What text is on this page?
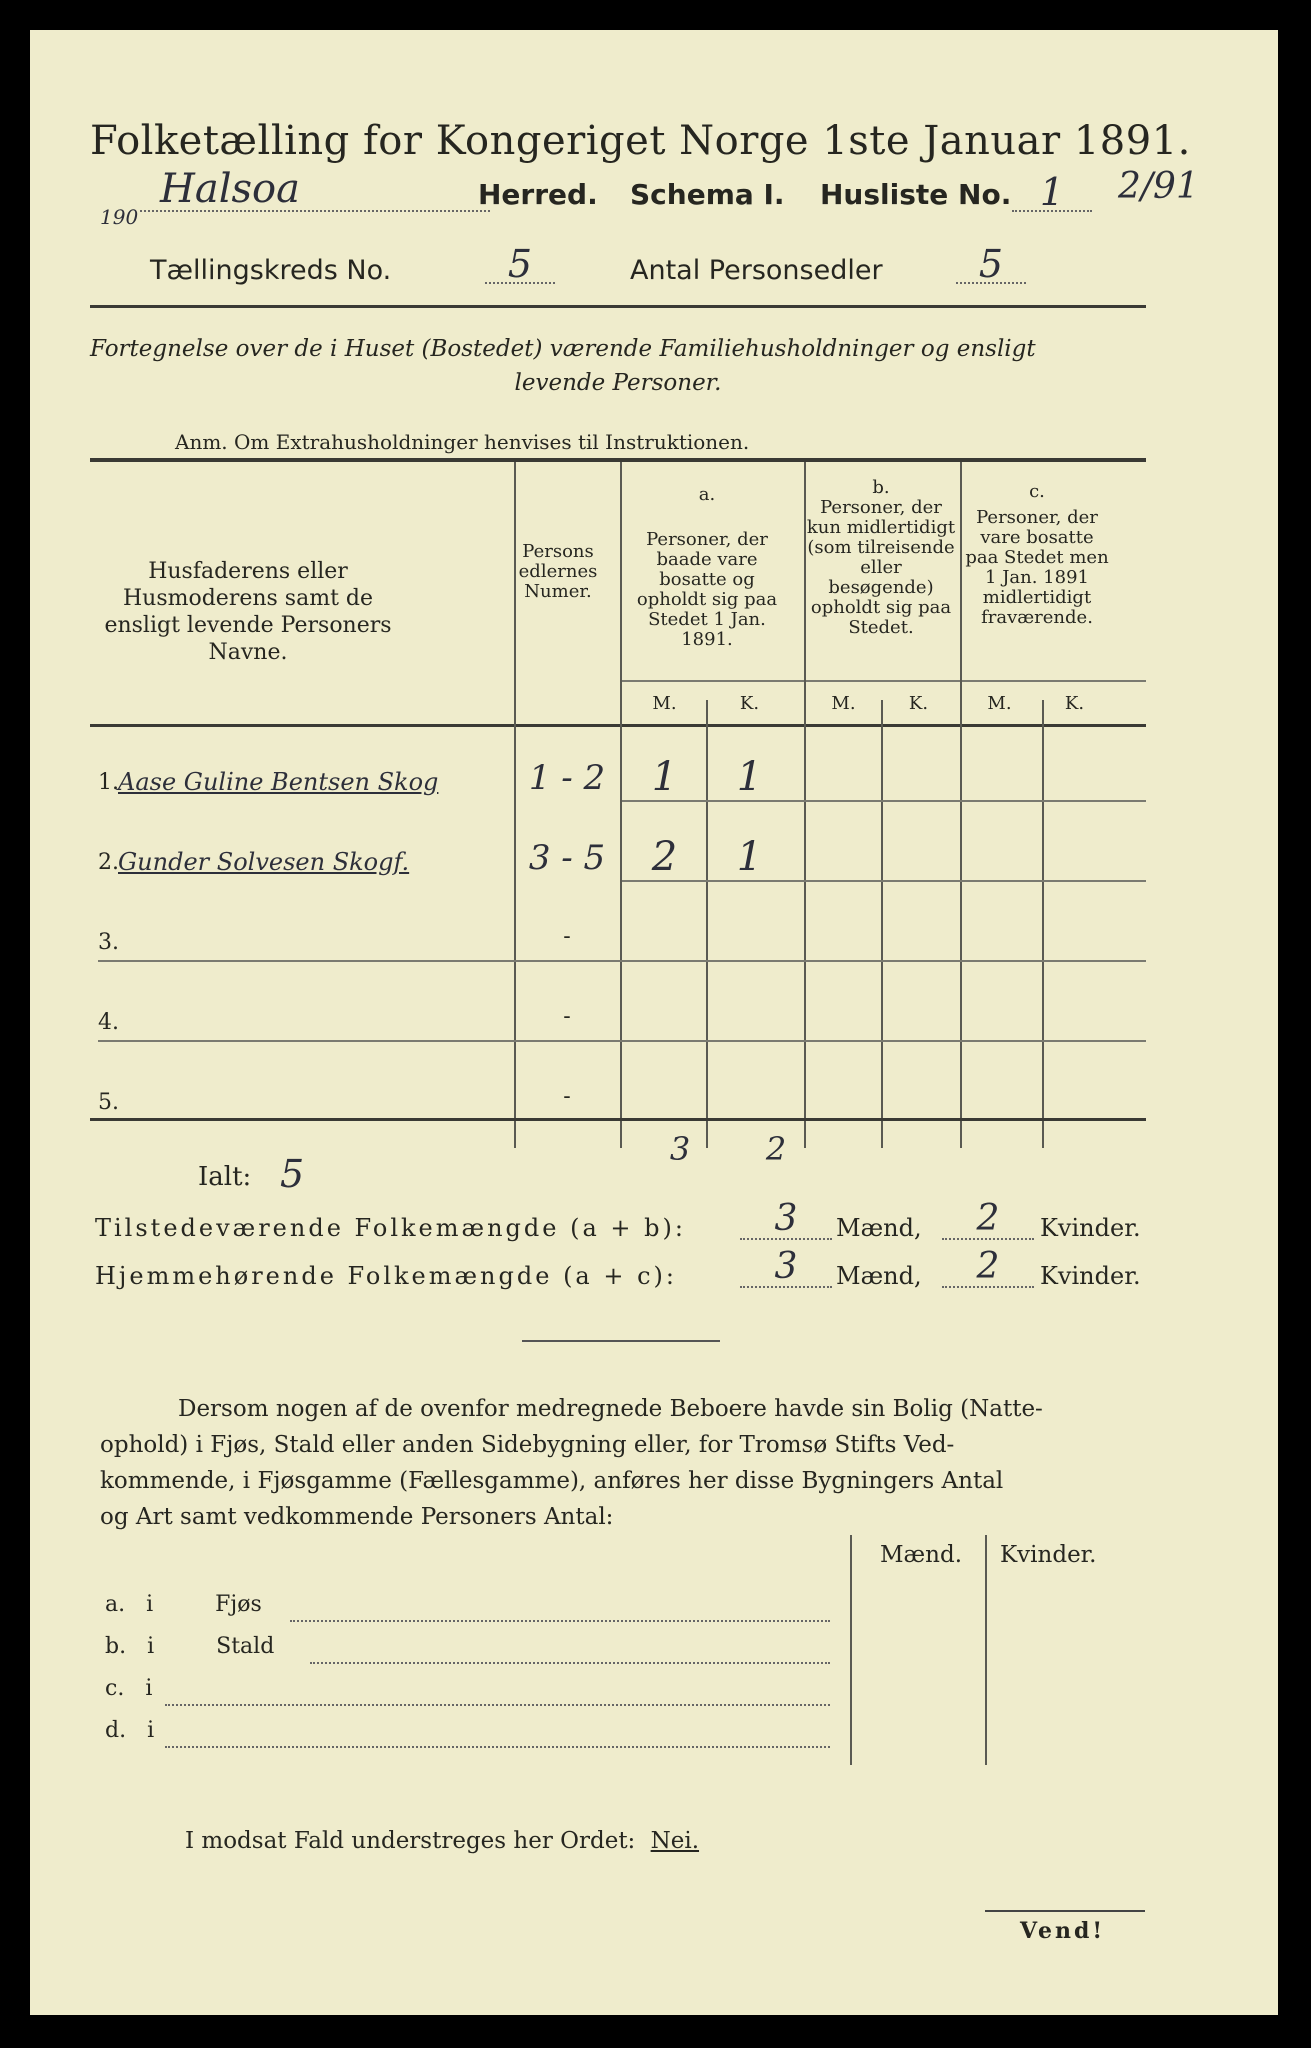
Folketælling for Kongeriget Norge 1ste Januar 1891.
190
Halsoa	Herred. Schema I. Husliste No. 1	2/91
Tællingskreds No.	5	Antal Personsedler	5
Fortegnelse over de i Huset (Bostedet) værende Familiehusholdninger og ensligt
levende Personer.
Anm. Om Extrahusholdninger henvises til Instruktionen.
Husfaderens eller Husmoderens samt de ensligt levende Personers Navne.
Personsedlernes Numer.
a.
Personer, der baade vare bosatte og opholdt sig paa Stedet 1 Jan. 1891.
b.
Personer, der kun midlertidigt (som tilreisende eller besøgende) opholdt sig paa Stedet.
c.
Personer, der vare bosatte paa Stedet men 1 Jan. 1891 midlertidigt fraværende.
M.	K.	M.	K.	M.	K.
1. Aase Guline Bentsen Skog	1 - 2	1	1
2. Gunder Solvesen Skogf.	3 - 5	2	1
3.	-
4.	-
5.	-
3	2
Ialt: 5
Tilstedeværende Folkemængde (a + b):	3	Mænd,	2	Kvinder.
Hjemmehørende Folkemængde (a + c):	3	Mænd,	2	Kvinder.
Dersom nogen af de ovenfor medregnede Beboere havde sin Bolig (Natte-
ophold) i Fjøs, Stald eller anden Sidebygning eller, for Tromsø Stifts Ved-
kommende, i Fjøsgamme (Fællesgamme), anføres her disse Bygningers Antal
og Art samt vedkommende Personers Antal:
Mænd. Kvinder.
a. i	Fjøs
b. i	Stald
c. i
d. i
I modsat Fald understreges her Ordet: Nei.
Vend!
